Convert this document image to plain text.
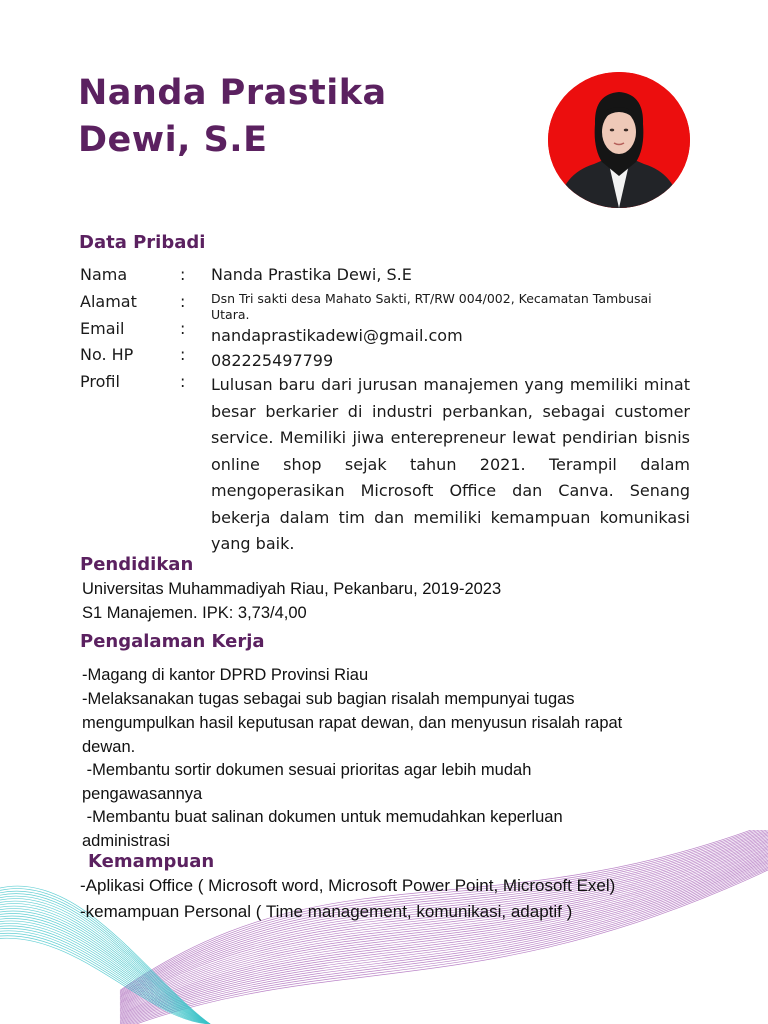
Nanda Prastika
Dewi, S.E
Data Pribadi
Nama	: Nanda Prastika Dewi, S.E
Alamat	: Dsn Tri sakti desa Mahato Sakti, RT/RW 004/002, Kecamatan Tambusai Utara.
Email	: nandaprastikadewi@gmail.com
No. HP	: 082225497799
Profil	: Lulusan baru dari jurusan manajemen yang memiliki minat besar berkarier di industri perbankan, sebagai customer service. Memiliki jiwa enterepreneur lewat pendirian bisnis online shop sejak tahun 2021. Terampil dalam mengoperasikan Microsoft Office dan Canva. Senang bekerja dalam tim dan memiliki kemampuan komunikasi yang baik.
Pendidikan
Universitas Muhammadiyah Riau, Pekanbaru, 2019-2023
S1 Manajemen. IPK: 3,73/4,00
Pengalaman Kerja
-Magang di kantor DPRD Provinsi Riau
-Melaksanakan tugas sebagai sub bagian risalah mempunyai tugas
mengumpulkan hasil keputusan rapat dewan, dan menyusun risalah rapat
dewan.
-Membantu sortir dokumen sesuai prioritas agar lebih mudah
pengawasannya
-Membantu buat salinan dokumen untuk memudahkan keperluan
administrasi
Kemampuan
-Aplikasi Office ( Microsoft word, Microsoft Power Point, Microsoft Exel)
-kemampuan Personal ( Time management, komunikasi, adaptif )
